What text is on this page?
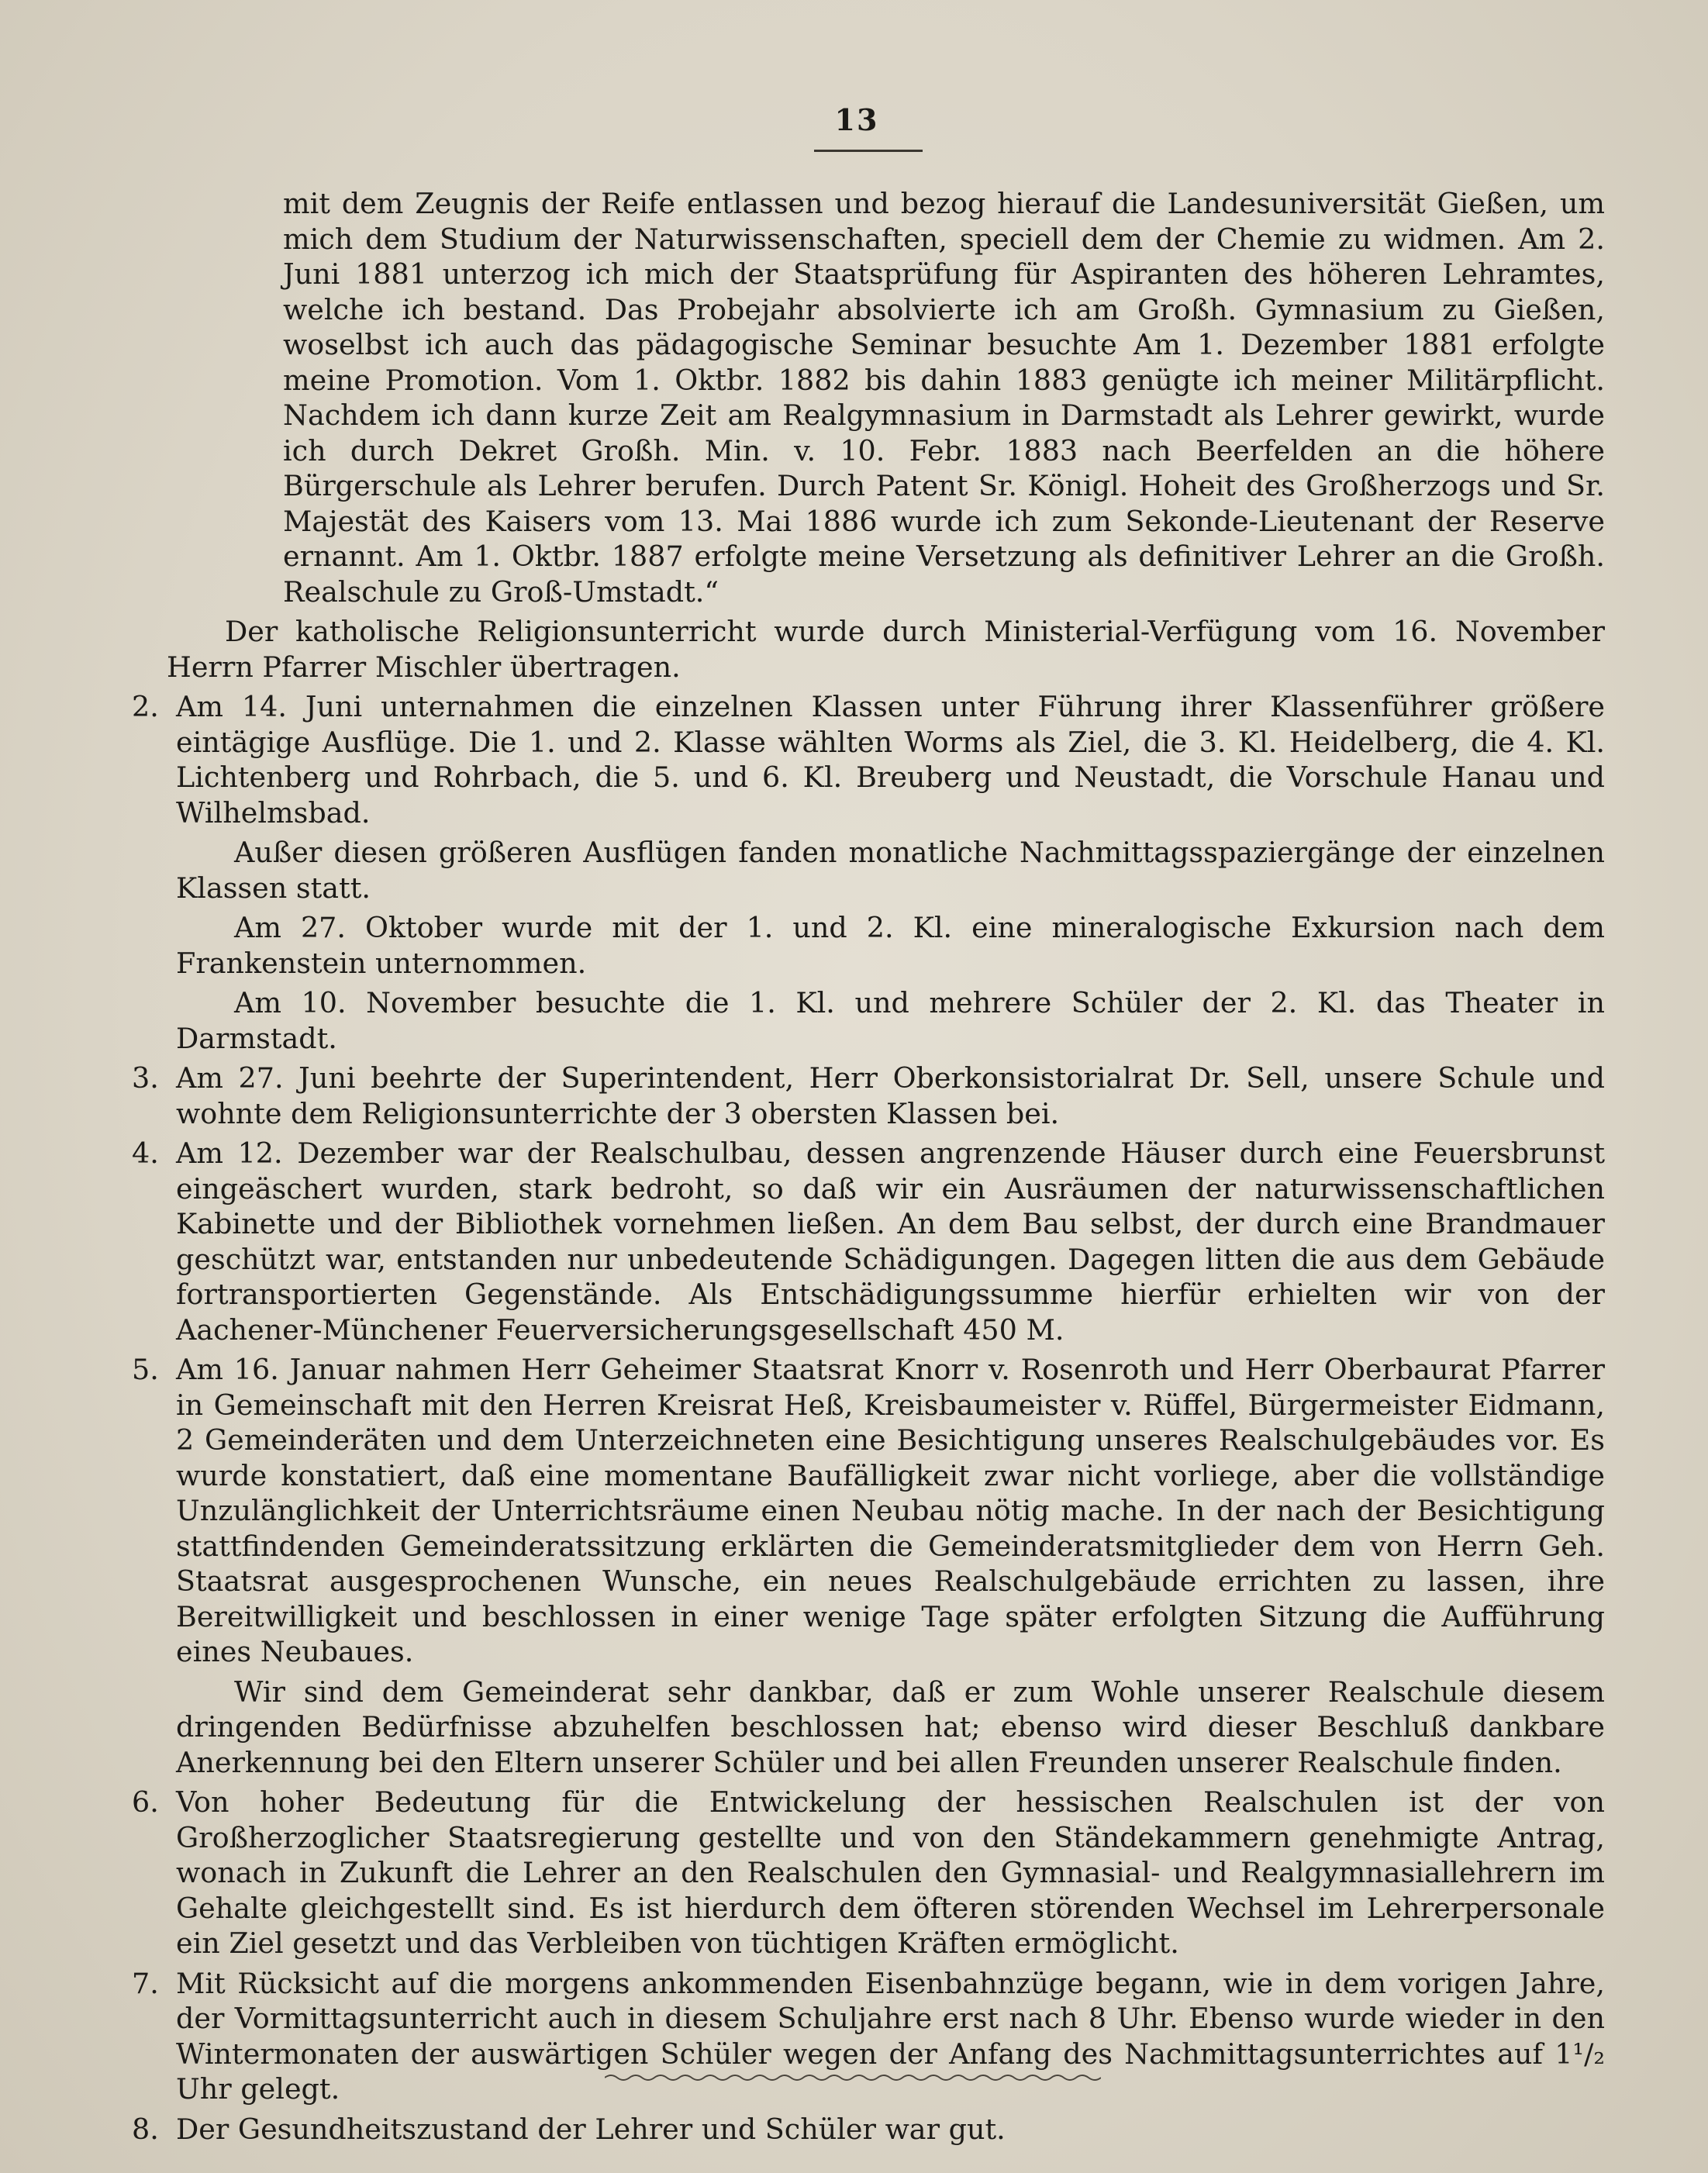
13

mit dem Zeugnis der Reife entlassen und bezog hierauf die Landesuniversität Gießen, um mich dem Studium der Naturwissenschaften, speciell dem der Chemie zu widmen. Am 2. Juni 1881 unterzog ich mich der Staatsprüfung für Aspiranten des höheren Lehramtes, welche ich bestand. Das Probejahr absolvierte ich am Großh. Gymnasium zu Gießen, woselbst ich auch das pädagogische Seminar besuchte Am 1. Dezember 1881 erfolgte meine Promotion. Vom 1. Oktbr. 1882 bis dahin 1883 genügte ich meiner Militärpflicht. Nachdem ich dann kurze Zeit am Realgymnasium in Darmstadt als Lehrer gewirkt, wurde ich durch Dekret Großh. Min. v. 10. Febr. 1883 nach Beerfelden an die höhere Bürgerschule als Lehrer berufen. Durch Patent Sr. Königl. Hoheit des Großherzogs und Sr. Majestät des Kaisers vom 13. Mai 1886 wurde ich zum Sekonde-Lieutenant der Reserve ernannt. Am 1. Oktbr. 1887 erfolgte meine Versetzung als definitiver Lehrer an die Großh. Realschule zu Groß-Umstadt.“

Der katholische Religionsunterricht wurde durch Ministerial-Verfügung vom 16. November Herrn Pfarrer Mischler übertragen.

2. Am 14. Juni unternahmen die einzelnen Klassen unter Führung ihrer Klassenführer größere eintägige Ausflüge. Die 1. und 2. Klasse wählten Worms als Ziel, die 3. Kl. Heidelberg, die 4. Kl. Lichtenberg und Rohrbach, die 5. und 6. Kl. Breuberg und Neustadt, die Vorschule Hanau und Wilhelmsbad.

Außer diesen größeren Ausflügen fanden monatliche Nachmittagsspaziergänge der einzelnen Klassen statt.

Am 27. Oktober wurde mit der 1. und 2. Kl. eine mineralogische Exkursion nach dem Frankenstein unternommen.

Am 10. November besuchte die 1. Kl. und mehrere Schüler der 2. Kl. das Theater in Darmstadt.

3. Am 27. Juni beehrte der Superintendent, Herr Oberkonsistorialrat Dr. Sell, unsere Schule und wohnte dem Religionsunterrichte der 3 obersten Klassen bei.
4. Am 12. Dezember war der Realschulbau, dessen angrenzende Häuser durch eine Feuersbrunst eingeäschert wurden, stark bedroht, so daß wir ein Ausräumen der naturwissenschaftlichen Kabinette und der Bibliothek vornehmen ließen. An dem Bau selbst, der durch eine Brandmauer geschützt war, entstanden nur unbedeutende Schädigungen. Dagegen litten die aus dem Gebäude fortransportierten Gegenstände. Als Entschädigungssumme hierfür erhielten wir von der Aachener-Münchener Feuerversicherungsgesellschaft 450 M.
5. Am 16. Januar nahmen Herr Geheimer Staatsrat Knorr v. Rosenroth und Herr Oberbaurat Pfarrer in Gemeinschaft mit den Herren Kreisrat Heß, Kreisbaumeister v. Rüffel, Bürgermeister Eidmann, 2 Gemeinderäten und dem Unterzeichneten eine Besichtigung unseres Realschulgebäudes vor. Es wurde konstatiert, daß eine momentane Baufälligkeit zwar nicht vorliege, aber die vollständige Unzulänglichkeit der Unterrichtsräume einen Neubau nötig mache. In der nach der Besichtigung stattfindenden Gemeinderatssitzung erklärten die Gemeinderatsmitglieder dem von Herrn Geh. Staatsrat ausgesprochenen Wunsche, ein neues Realschulgebäude errichten zu lassen, ihre Bereitwilligkeit und beschlossen in einer wenige Tage später erfolgten Sitzung die Aufführung eines Neubaues.

Wir sind dem Gemeinderat sehr dankbar, daß er zum Wohle unserer Realschule diesem dringenden Bedürfnisse abzuhelfen beschlossen hat; ebenso wird dieser Beschluß dankbare Anerkennung bei den Eltern unserer Schüler und bei allen Freunden unserer Realschule finden.

6. Von hoher Bedeutung für die Entwickelung der hessischen Realschulen ist der von Großherzoglicher Staatsregierung gestellte und von den Ständekammern genehmigte Antrag, wonach in Zukunft die Lehrer an den Realschulen den Gymnasial- und Realgymnasiallehrern im Gehalte gleichgestellt sind. Es ist hierdurch dem öfteren störenden Wechsel im Lehrerpersonale ein Ziel gesetzt und das Verbleiben von tüchtigen Kräften ermöglicht.
7. Mit Rücksicht auf die morgens ankommenden Eisenbahnzüge begann, wie in dem vorigen Jahre, der Vormittagsunterricht auch in diesem Schuljahre erst nach 8 Uhr. Ebenso wurde wieder in den Wintermonaten der auswärtigen Schüler wegen der Anfang des Nachmittagsunterrichtes auf 1¹/₂ Uhr gelegt.
8. Der Gesundheitszustand der Lehrer und Schüler war gut.
